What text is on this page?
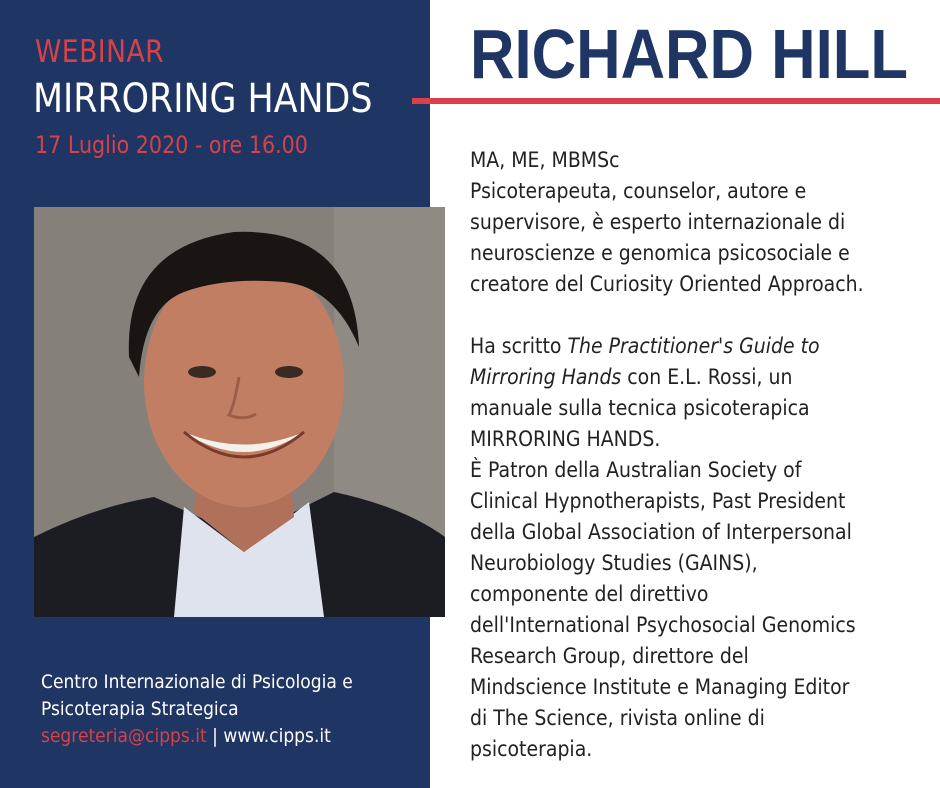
WEBINAR
MIRRORING HANDS
17 Luglio 2020 - ore 16.00
Centro Internazionale di Psicologia e
Psicoterapia Strategica
segreteria@cipps.it | www.cipps.it
RICHARD HILL

MA, ME, MBMSc

Psicoterapeuta, counselor, autore e

supervisore, è esperto internazionale di

neuroscienze e genomica psicosociale e

creatore del Curiosity Oriented Approach.

Ha scritto The Practitioner's Guide to

Mirroring Hands con E.L. Rossi, un

manuale sulla tecnica psicoterapica

MIRRORING HANDS.

È Patron della Australian Society of

Clinical Hypnotherapists, Past President

della Global Association of Interpersonal

Neurobiology Studies (GAINS),

componente del direttivo

dell'International Psychosocial Genomics

Research Group, direttore del

Mindscience Institute e Managing Editor

di The Science, rivista online di

psicoterapia.
